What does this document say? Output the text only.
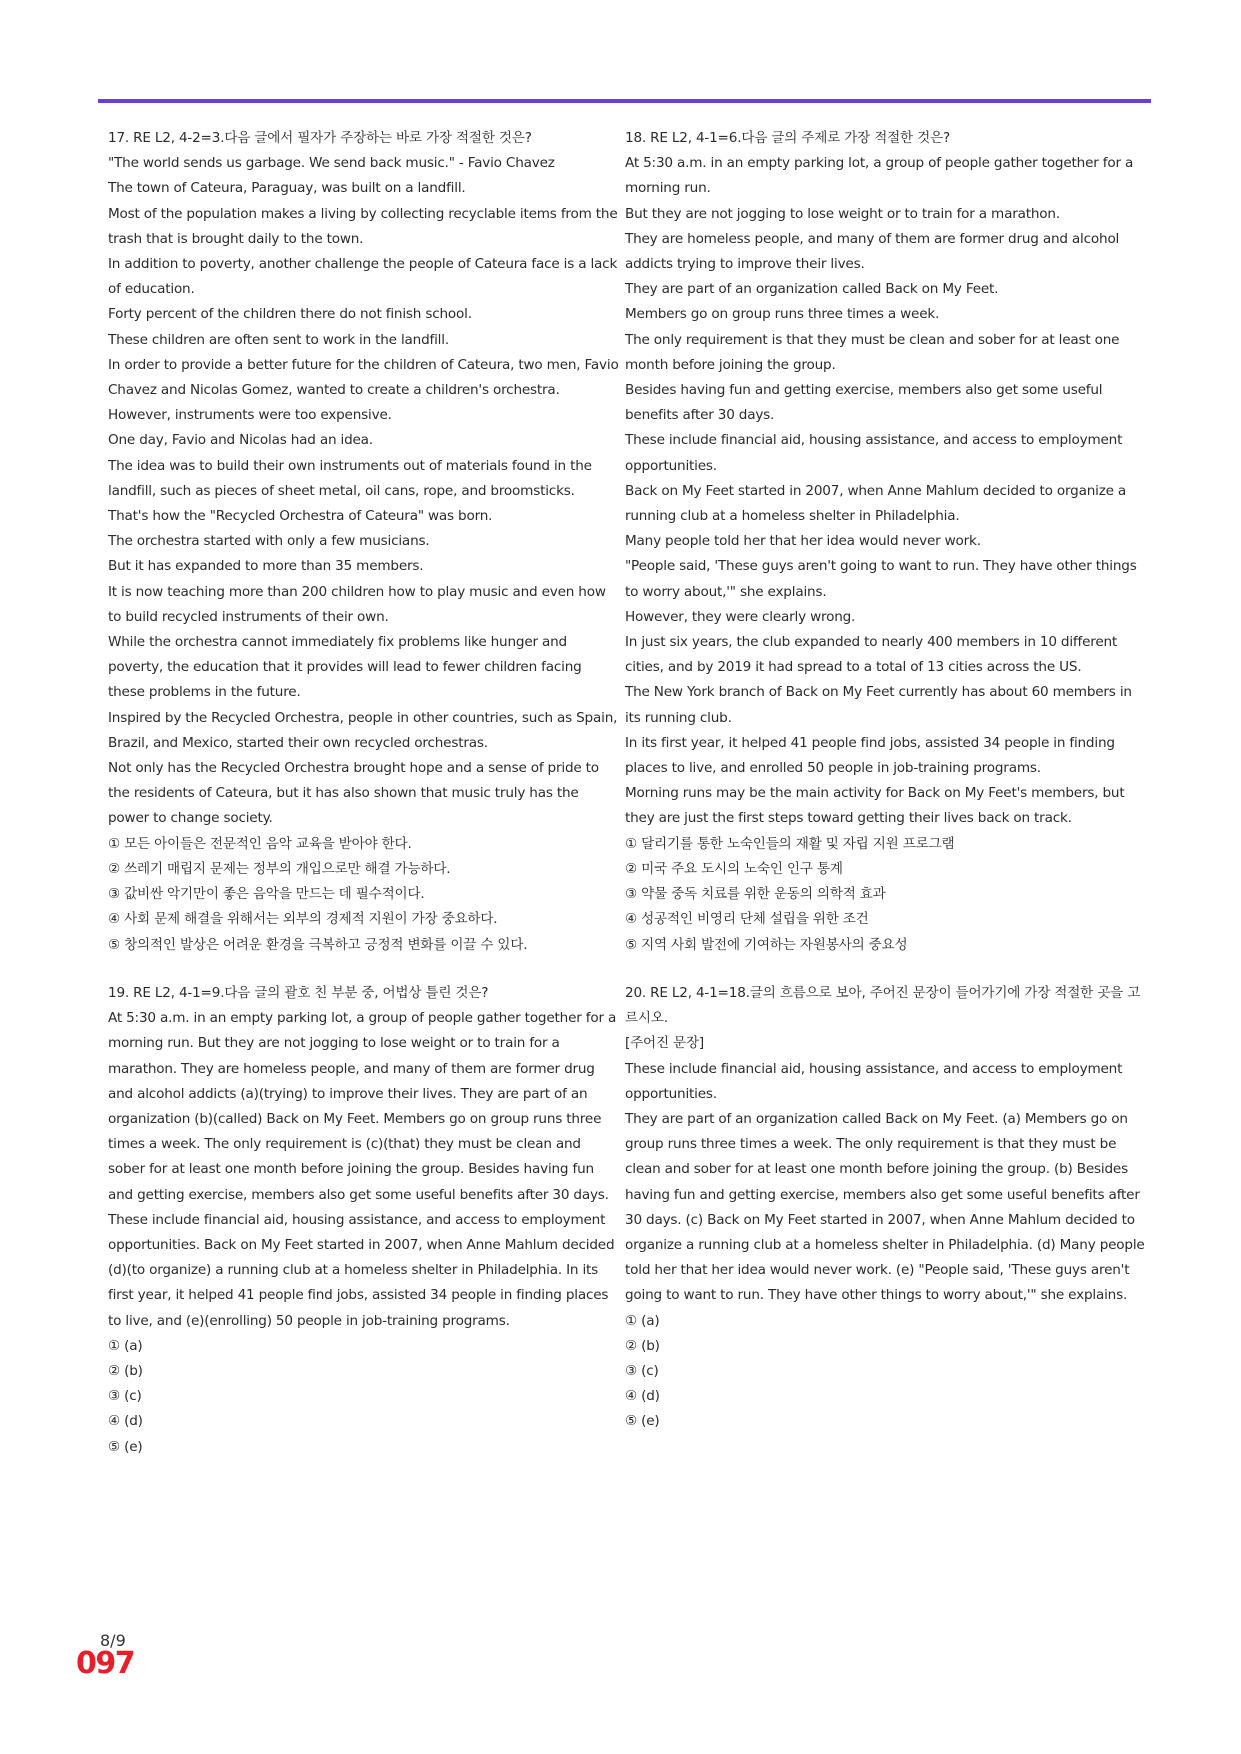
17. RE L2, 4-2=3.다음 글에서 필자가 주장하는 바로 가장 적절한 것은?

"The world sends us garbage. We send back music." - Favio Chavez

The town of Cateura, Paraguay, was built on a landfill.

Most of the population makes a living by collecting recyclable items from the trash that is brought daily to the town.

In addition to poverty, another challenge the people of Cateura face is a lack of education.

Forty percent of the children there do not finish school.

These children are often sent to work in the landfill.

In order to provide a better future for the children of Cateura, two men, Favio Chavez and Nicolas Gomez, wanted to create a children's orchestra.

However, instruments were too expensive.

One day, Favio and Nicolas had an idea.

The idea was to build their own instruments out of materials found in the landfill, such as pieces of sheet metal, oil cans, rope, and broomsticks.

That's how the "Recycled Orchestra of Cateura" was born.

The orchestra started with only a few musicians.

But it has expanded to more than 35 members.

It is now teaching more than 200 children how to play music and even how to build recycled instruments of their own.

While the orchestra cannot immediately fix problems like hunger and poverty, the education that it provides will lead to fewer children facing these problems in the future.

Inspired by the Recycled Orchestra, people in other countries, such as Spain, Brazil, and Mexico, started their own recycled orchestras.

Not only has the Recycled Orchestra brought hope and a sense of pride to the residents of Cateura, but it has also shown that music truly has the power to change society.

① 모든 아이들은 전문적인 음악 교육을 받아야 한다.

② 쓰레기 매립지 문제는 정부의 개입으로만 해결 가능하다.

③ 값비싼 악기만이 좋은 음악을 만드는 데 필수적이다.

④ 사회 문제 해결을 위해서는 외부의 경제적 지원이 가장 중요하다.

⑤ 창의적인 발상은 어려운 환경을 극복하고 긍정적 변화를 이끌 수 있다.

18. RE L2, 4-1=6.다음 글의 주제로 가장 적절한 것은?

At 5:30 a.m. in an empty parking lot, a group of people gather together for a morning run.

But they are not jogging to lose weight or to train for a marathon.

They are homeless people, and many of them are former drug and alcohol addicts trying to improve their lives.

They are part of an organization called Back on My Feet.

Members go on group runs three times a week.

The only requirement is that they must be clean and sober for at least one month before joining the group.

Besides having fun and getting exercise, members also get some useful benefits after 30 days.

These include financial aid, housing assistance, and access to employment opportunities.

Back on My Feet started in 2007, when Anne Mahlum decided to organize a running club at a homeless shelter in Philadelphia.

Many people told her that her idea would never work.

"People said, 'These guys aren't going to want to run. They have other things to worry about,'" she explains.

However, they were clearly wrong.

In just six years, the club expanded to nearly 400 members in 10 different cities, and by 2019 it had spread to a total of 13 cities across the US.

The New York branch of Back on My Feet currently has about 60 members in its running club.

In its first year, it helped 41 people find jobs, assisted 34 people in finding places to live, and enrolled 50 people in job-training programs.

Morning runs may be the main activity for Back on My Feet's members, but they are just the first steps toward getting their lives back on track.

① 달리기를 통한 노숙인들의 재활 및 자립 지원 프로그램

② 미국 주요 도시의 노숙인 인구 통계

③ 약물 중독 치료를 위한 운동의 의학적 효과

④ 성공적인 비영리 단체 설립을 위한 조건

⑤ 지역 사회 발전에 기여하는 자원봉사의 중요성

19. RE L2, 4-1=9.다음 글의 괄호 친 부분 중, 어법상 틀린 것은?

At 5:30 a.m. in an empty parking lot, a group of people gather together for a morning run. But they are not jogging to lose weight or to train for a marathon. They are homeless people, and many of them are former drug and alcohol addicts (a)(trying) to improve their lives. They are part of an organization (b)(called) Back on My Feet. Members go on group runs three times a week. The only requirement is (c)(that) they must be clean and sober for at least one month before joining the group. Besides having fun and getting exercise, members also get some useful benefits after 30 days. These include financial aid, housing assistance, and access to employment opportunities. Back on My Feet started in 2007, when Anne Mahlum decided (d)(to organize) a running club at a homeless shelter in Philadelphia. In its first year, it helped 41 people find jobs, assisted 34 people in finding places to live, and (e)(enrolling) 50 people in job-training programs.

① (a)

② (b)

③ (c)

④ (d)

⑤ (e)

20. RE L2, 4-1=18.글의 흐름으로 보아, 주어진 문장이 들어가기에 가장 적절한 곳을 고르시오.

[주어진 문장]

These include financial aid, housing assistance, and access to employment opportunities.

They are part of an organization called Back on My Feet. (a) Members go on group runs three times a week. The only requirement is that they must be clean and sober for at least one month before joining the group. (b) Besides having fun and getting exercise, members also get some useful benefits after 30 days. (c) Back on My Feet started in 2007, when Anne Mahlum decided to organize a running club at a homeless shelter in Philadelphia. (d) Many people told her that her idea would never work. (e) "People said, 'These guys aren't going to want to run. They have other things to worry about,'" she explains.

① (a)

② (b)

③ (c)

④ (d)

⑤ (e)

8/9
097
